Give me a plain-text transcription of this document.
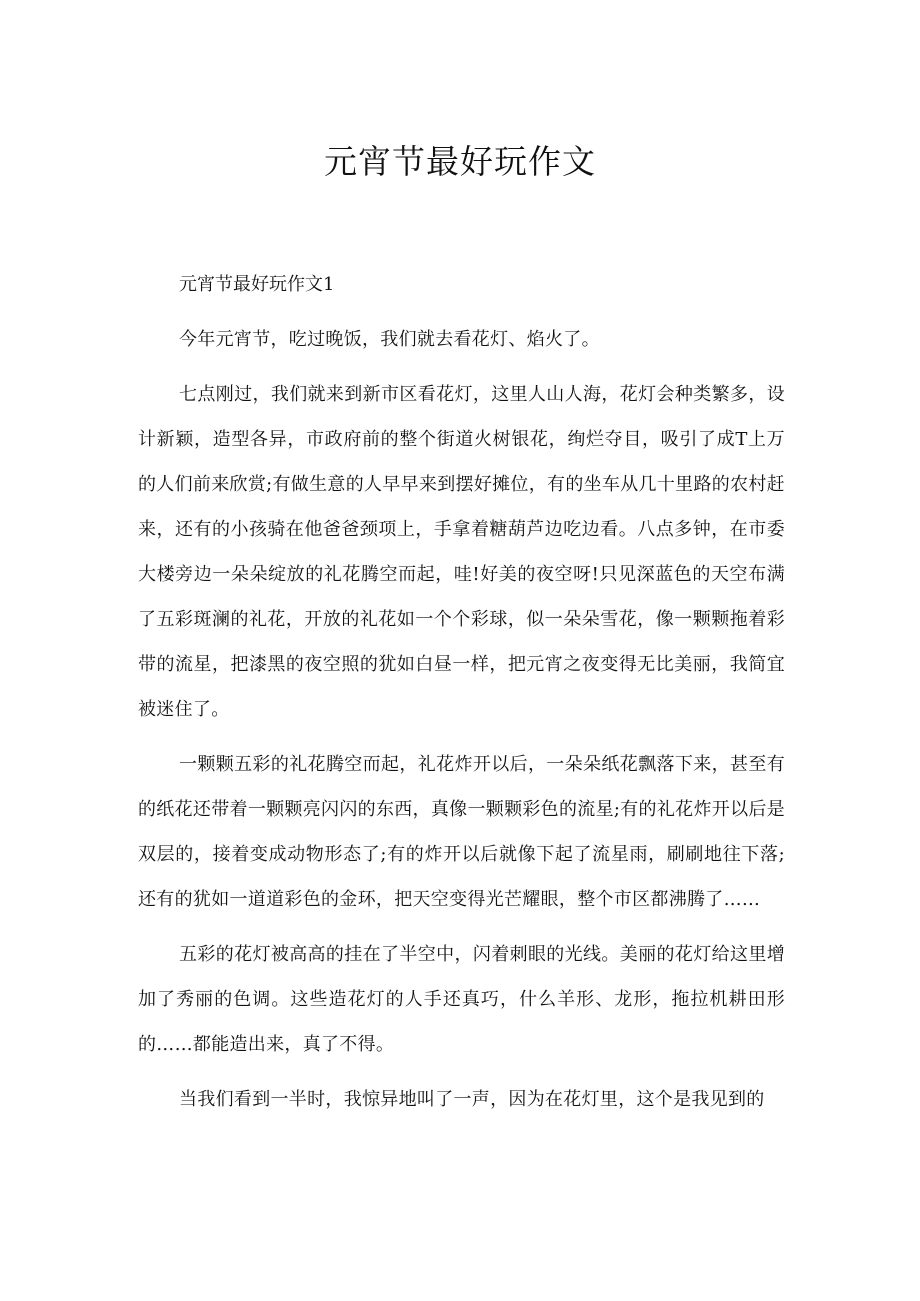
元宵节最好玩作文

元宵节最好玩作文1

今年元宵节，吃过晚饭，我们就去看花灯、焰火了。

七点刚过，我们就来到新市区看花灯，这里人山人海，花灯会种类繁多，设计新颖，造型各异，市政府前的整个街道火树银花，绚烂夺目，吸引了成T上万的人们前来欣赏;有做生意的人早早来到摆好摊位，有的坐车从几十里路的农村赶来，还有的小孩骑在他爸爸颈项上，手拿着糖葫芦边吃边看。八点多钟，在市委大楼旁边一朵朵绽放的礼花腾空而起，哇!好美的夜空呀!只见深蓝色的天空布满了五彩斑澜的礼花，开放的礼花如一个个彩球，似一朵朵雪花，像一颗颗拖着彩带的流星，把漆黑的夜空照的犹如白昼一样，把元宵之夜变得无比美丽，我简宜被迷住了。

一颗颗五彩的礼花腾空而起，礼花炸开以后，一朵朵纸花飘落下来，甚至有的纸花还带着一颗颗亮闪闪的东西，真像一颗颗彩色的流星;有的礼花炸开以后是双层的，接着变成动物形态了;有的炸开以后就像下起了流星雨，刷刷地往下落;还有的犹如一道道彩色的金环，把天空变得光芒耀眼，整个市区都沸腾了……

五彩的花灯被高高的挂在了半空中，闪着刺眼的光线。美丽的花灯给这里增加了秀丽的色调。这些造花灯的人手还真巧，什么羊形、龙形，拖拉机耕田形的……都能造出来，真了不得。

当我们看到一半时，我惊异地叫了一声，因为在花灯里，这个是我见到的
